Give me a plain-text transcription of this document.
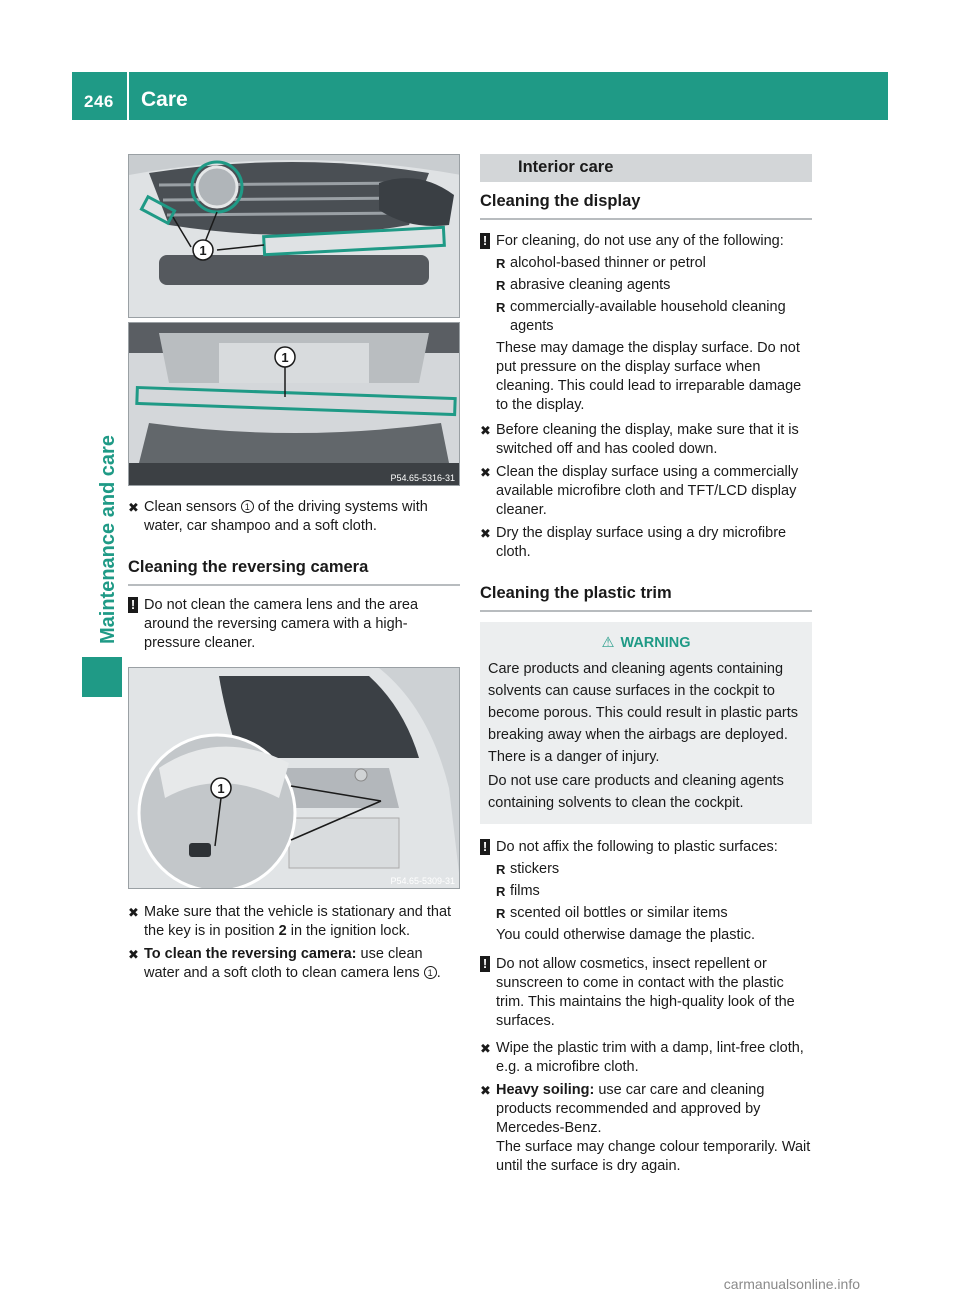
246 Care
Maintenance and care
1
1
P54.65-5316-31
✖ Clean sensors 1 of the driving systems with water, car shampoo and a soft cloth.
Cleaning the reversing camera
! Do not clean the camera lens and the area around the reversing camera with a high-pressure cleaner.
1
P54.65-5309-31
✖ Make sure that the vehicle is stationary and that the key is in position 2 in the ignition lock.
✖ To clean the reversing camera: use clean water and a soft cloth to clean camera lens 1 .
Interior care
Cleaning the display
! For cleaning, do not use any of the following:
R alcohol-based thinner or petrol
R abrasive cleaning agents
R commercially-available household cleaning agents
These may damage the display surface. Do not put pressure on the display surface when cleaning. This could lead to irreparable damage to the display.
✖ Before cleaning the display, make sure that it is switched off and has cooled down.
✖ Clean the display surface using a commercially available microfibre cloth and TFT/LCD display cleaner.
✖ Dry the display surface using a dry microfibre cloth.
Cleaning the plastic trim
⚠ WARNING

Care products and cleaning agents containing solvents can cause surfaces in the cockpit to become porous. This could result in plastic parts breaking away when the airbags are deployed. There is a danger of injury.

Do not use care products and cleaning agents containing solvents to clean the cockpit.

! Do not affix the following to plastic surfaces:
R stickers
R films
R scented oil bottles or similar items
You could otherwise damage the plastic.
! Do not allow cosmetics, insect repellent or sunscreen to come in contact with the plastic trim. This maintains the high-quality look of the surfaces.
✖ Wipe the plastic trim with a damp, lint-free cloth, e.g. a microfibre cloth.
✖ Heavy soiling: use car care and cleaning products recommended and approved by Mercedes-Benz.
The surface may change colour temporarily. Wait until the surface is dry again.
carmanualsonline.info
